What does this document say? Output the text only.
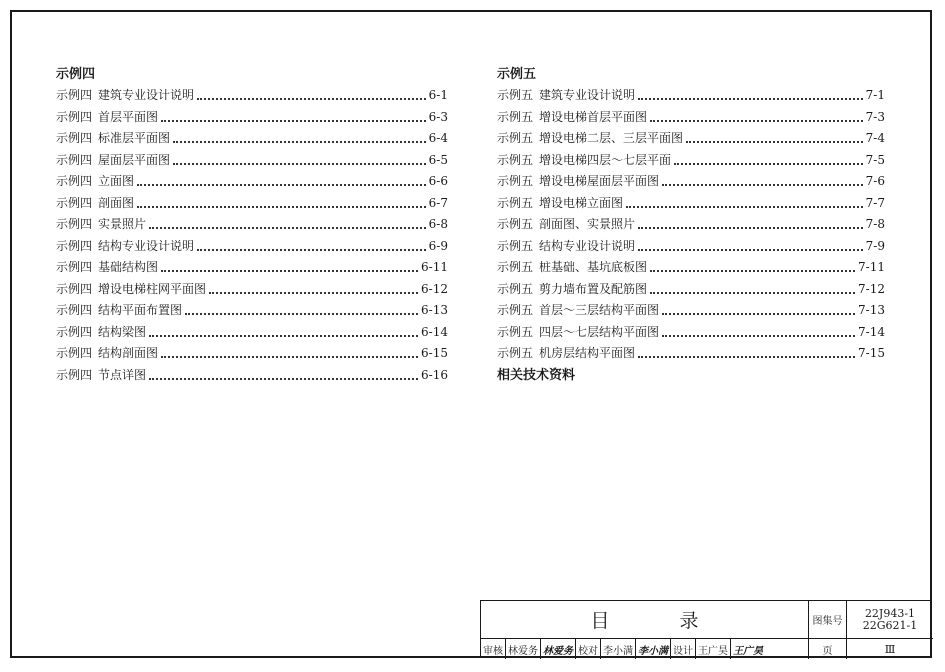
示例四
示例四 建筑专业设计说明	6-1
示例四 首层平面图	6-3
示例四 标准层平面图	6-4
示例四 屋面层平面图	6-5
示例四 立面图	6-6
示例四 剖面图	6-7
示例四 实景照片	6-8
示例四 结构专业设计说明	6-9
示例四 基础结构图	6-11
示例四 增设电梯柱网平面图	6-12
示例四 结构平面布置图	6-13
示例四 结构梁图	6-14
示例四 结构剖面图	6-15
示例四 节点详图	6-16
示例五
示例五 建筑专业设计说明	7-1
示例五 增设电梯首层平面图	7-3
示例五 增设电梯二层、三层平面图	7-4
示例五 增设电梯四层～七层平面	7-5
示例五 增设电梯屋面层平面图	7-6
示例五 增设电梯立面图	7-7
示例五 剖面图、实景照片	7-8
示例五 结构专业设计说明	7-9
示例五 桩基础、基坑底板图	7-11
示例五 剪力墙布置及配筋图	7-12
示例五 首层～三层结构平面图	7-13
示例五 四层～七层结构平面图	7-14
示例五 机房层结构平面图	7-15
相关技术资料
目	录	图集号
22J943-1
22G621-1
审核 林爱务 林爱务 校对 李小满 李小满 设计 王广昊 王广昊	页	Ⅲ
